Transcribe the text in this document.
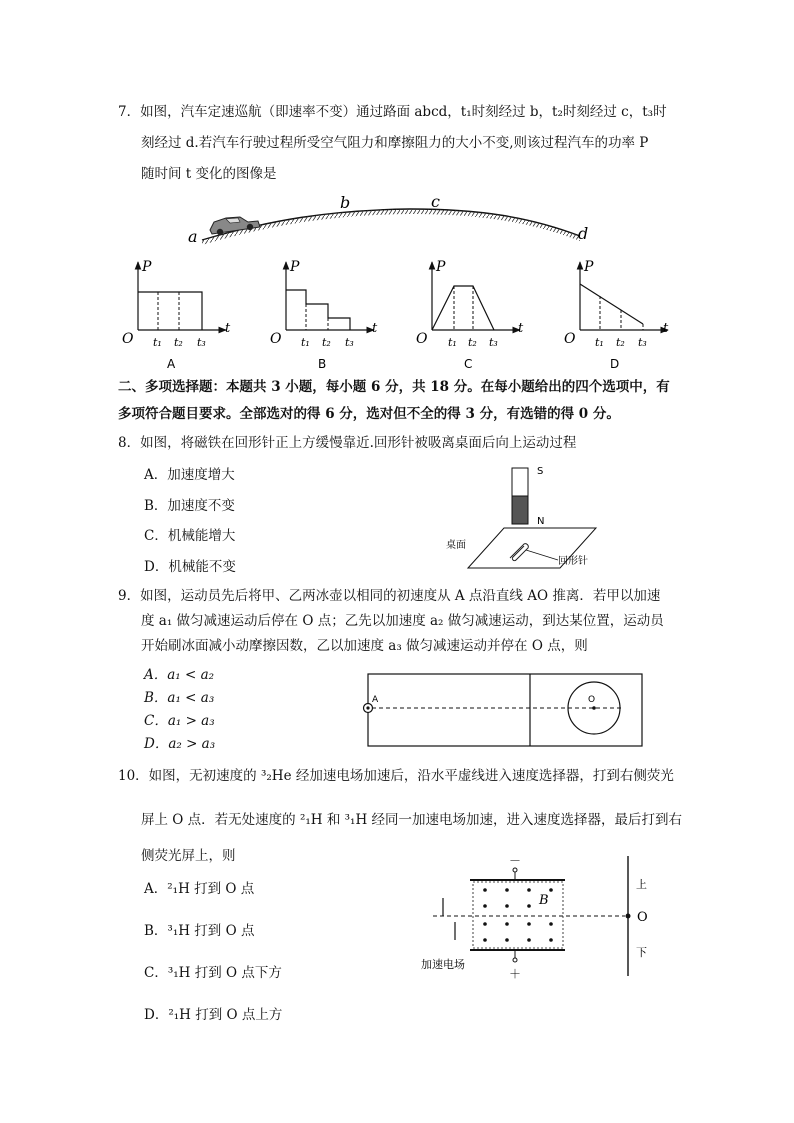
7．如图，汽车定速巡航（即速率不变）通过路面 abcd，t₁时刻经过 b，t₂时刻经过 c，t₃时
刻经过 d.若汽车行驶过程所受空气阻力和摩擦阻力的大小不变,则该过程汽车的功率 P
随时间 t 变化的图像是
a
b	c
d
P
t
O t₁ t₂ t₃
A
P
t
O t₁ t₂ t₃
B
P
t
O t₁ t₂ t₃
C
P
t
O t₁ t₂ t₃
D
二、多项选择题：本题共 3 小题，每小题 6 分，共 18 分。在每小题给出的四个选项中，有
多项符合题目要求。全部选对的得 6 分，选对但不全的得 3 分，有选错的得 0 分。
8．如图，将磁铁在回形针正上方缓慢靠近.回形针被吸离桌面后向上运动过程
A．加速度增大
B．加速度不变
C．机械能增大
D．机械能不变
S
N
桌面
回形针
9．如图，运动员先后将甲、乙两冰壶以相同的初速度从 A 点沿直线 AO 推离．若甲以加速
度 a₁ 做匀减速运动后停在 O 点；乙先以加速度 a₂ 做匀减速运动，到达某位置，运动员
开始刷冰面减小动摩擦因数，乙以加速度 a₃ 做匀减速运动并停在 O 点，则
A．a₁ < a₂
B．a₁ < a₃
C．a₁ > a₃
D．a₂ > a₃
A	O
10．如图，无初速度的 ³₂He 经加速电场加速后，沿水平虚线进入速度选择器，打到右侧荧光
屏上 O 点．若无处速度的 ²₁H 和 ³₁H 经同一加速电场加速，进入速度选择器，最后打到右
侧荧光屏上，则
A．²₁H 打到 O 点
B．³₁H 打到 O 点
C．³₁H 打到 O 点下方
D．²₁H 打到 O 点上方
加速电场
－
＋
B
上
O
下
